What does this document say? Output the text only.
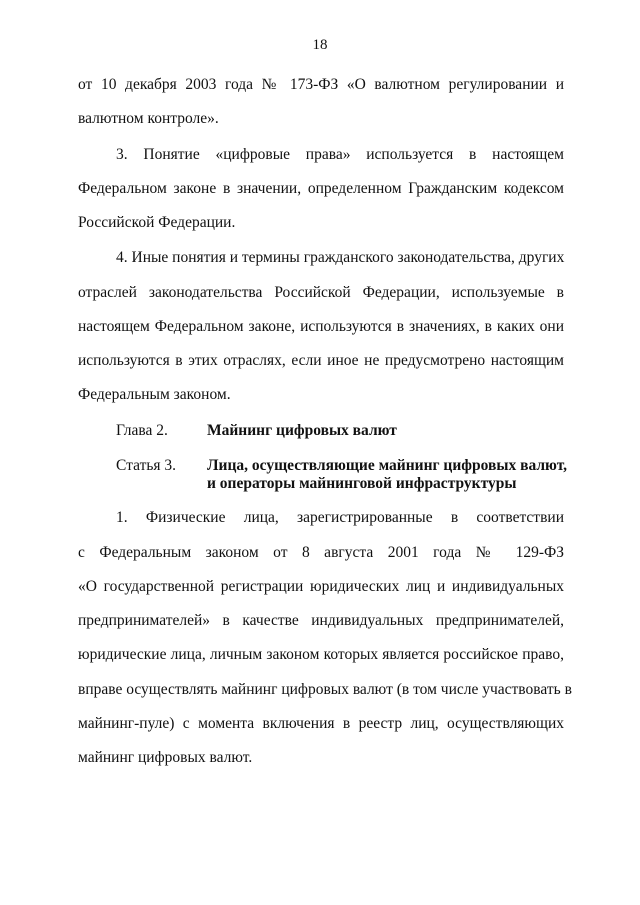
18
от 10 декабря 2003 года № 173-ФЗ «О валютном регулировании и
валютном контроле».
3. Понятие «цифровые права» используется в настоящем
Федеральном законе в значении, определенном Гражданским кодексом
Российской Федерации.
4. Иные понятия и термины гражданского законодательства, других
отраслей законодательства Российской Федерации, используемые в
настоящем Федеральном законе, используются в значениях, в каких они
используются в этих отраслях, если иное не предусмотрено настоящим
Федеральным законом.
Глава 2.	Майнинг цифровых валют
Статья 3. Лица, осуществляющие майнинг цифровых валют,
и операторы майнинговой инфраструктуры
1. Физические лица, зарегистрированные в соответствии
с Федеральным законом от 8 августа 2001 года № 129-ФЗ
«О государственной регистрации юридических лиц и индивидуальных
предпринимателей» в качестве индивидуальных предпринимателей,
юридические лица, личным законом которых является российское право,
вправе осуществлять майнинг цифровых валют (в том числе участвовать в
майнинг-пуле) с момента включения в реестр лиц, осуществляющих
майнинг цифровых валют.
